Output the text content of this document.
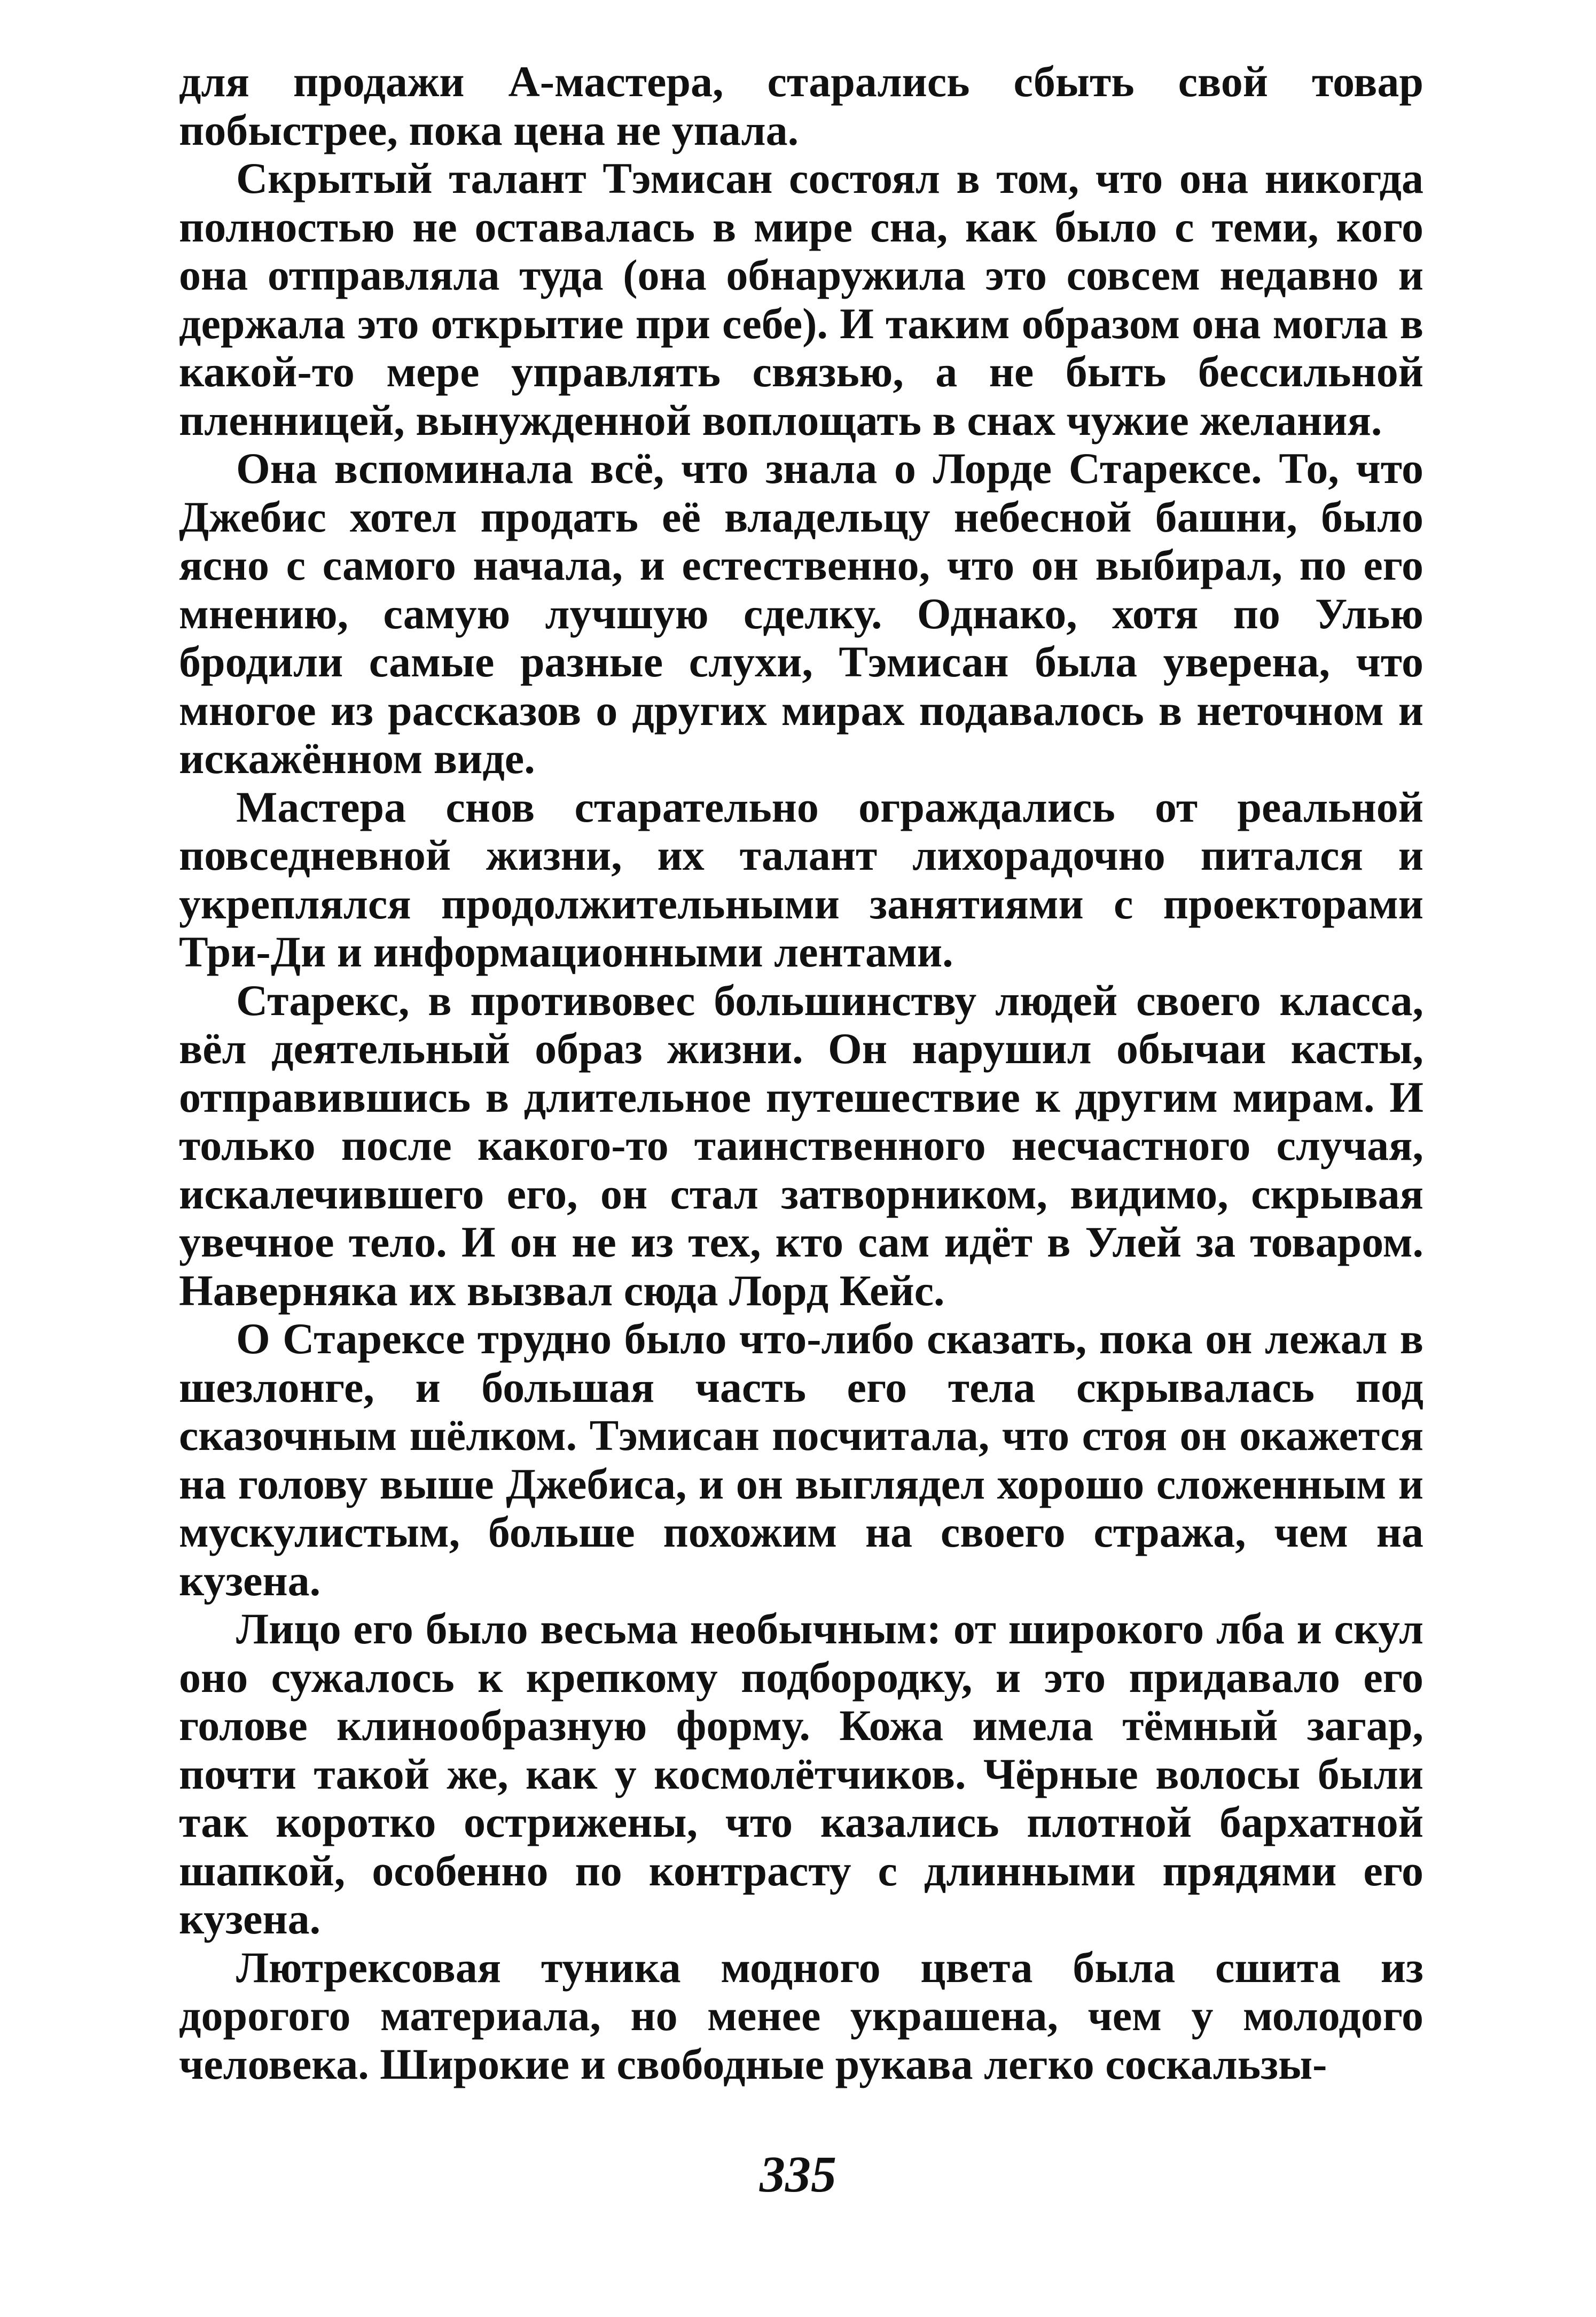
для продажи А-мастера, старались сбыть свой товар побыстрее, пока цена не упала.

Скрытый талант Тэмисан состоял в том, что она никогда полностью не оставалась в мире сна, как было с теми, кого она отправляла туда (она обнаружила это совсем недавно и держала это открытие при себе). И таким образом она могла в какой-то мере управлять связью, а не быть бессильной пленницей, вынужденной воплощать в снах чужие желания.

Она вспоминала всё, что знала о Лорде Старексе. То, что Джебис хотел продать её владельцу небесной башни, было ясно с самого начала, и естественно, что он выбирал, по его мнению, самую лучшую сделку. Однако, хотя по Улью бродили самые разные слухи, Тэмисан была уверена, что многое из рассказов о других мирах подавалось в неточном и искажённом виде.

Мастера снов старательно ограждались от реальной повседневной жизни, их талант лихорадочно питался и укреплялся продолжительными занятиями с проекторами Три-Ди и информационными лентами.

Старекс, в противовес большинству людей своего класса, вёл деятельный образ жизни. Он нарушил обычаи касты, отправившись в длительное путешествие к другим мирам. И только после какого-то таинственного несчастного случая, искалечившего его, он стал затворником, видимо, скрывая увечное тело. И он не из тех, кто сам идёт в Улей за товаром. Наверняка их вызвал сюда Лорд Кейс.

О Старексе трудно было что-либо сказать, пока он лежал в шезлонге, и большая часть его тела скрывалась под сказочным шёлком. Тэмисан посчитала, что стоя он окажется на голову выше Джебиса, и он выглядел хорошо сложенным и мускулистым, больше похожим на своего стража, чем на кузена.

Лицо его было весьма необычным: от широкого лба и скул оно сужалось к крепкому подбородку, и это придавало его голове клинообразную форму. Кожа имела тёмный загар, почти такой же, как у космолётчиков. Чёрные волосы были так коротко острижены, что казались плотной бархатной шапкой, особенно по контрасту с длинными прядями его кузена.

Лютрексовая туника модного цвета была сшита из дорогого материала, но менее украшена, чем у молодого человека. Широкие и свободные рукава легко соскальзы-

335
